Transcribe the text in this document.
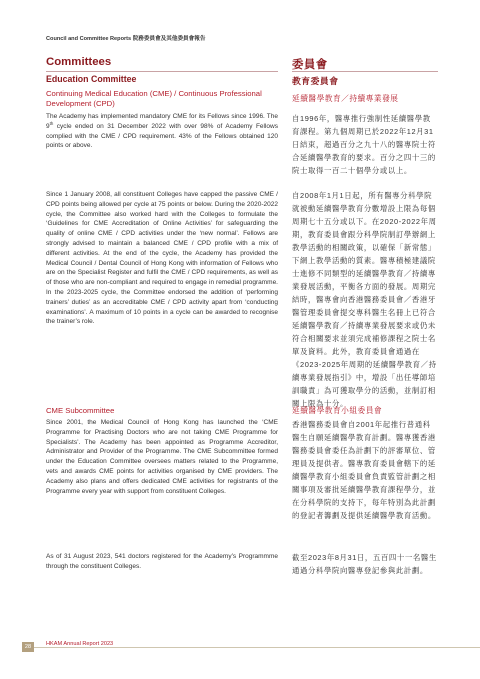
Council and Committee Reports 院務委員會及其他委員會報告
Committees
Education Committee
Continuing Medical Education (CME) / Continuous Professional Development (CPD)
The Academy has implemented mandatory CME for its Fellows since 1996. The 9th cycle ended on 31 December 2022 with over 98% of Academy Fellows complied with the CME / CPD requirement. 43% of the Fellows obtained 120 points or above.
Since 1 January 2008, all constituent Colleges have capped the passive CME / CPD points being allowed per cycle at 75 points or below. During the 2020-2022 cycle, the Committee also worked hard with the Colleges to formulate the ‘Guidelines for CME Accreditation of Online Activities’ for safeguarding the quality of online CME / CPD activities under the ‘new normal’. Fellows are strongly advised to maintain a balanced CME / CPD profile with a mix of different activities. At the end of the cycle, the Academy has provided the Medical Council / Dental Council of Hong Kong with information of Fellows who are on the Specialist Register and fulfil the CME / CPD requirements, as well as of those who are non-compliant and required to engage in remedial programme. In the 2023-2025 cycle, the Committee endorsed the addition of ‘performing trainers’ duties’ as an accreditable CME / CPD activity apart from ‘conducting examinations’. A maximum of 10 points in a cycle can be awarded to recognise the trainer’s role.
CME Subcommittee
Since 2001, the Medical Council of Hong Kong has launched the ‘CME Programme for Practising Doctors who are not taking CME Programme for Specialists’. The Academy has been appointed as Programme Accreditor, Administrator and Provider of the Programme. The CME Subcommittee formed under the Education Committee oversees matters related to the Programme, vets and awards CME points for activities organised by CME providers. The Academy also plans and offers dedicated CME activities for registrants of the Programme every year with support from constituent Colleges.
As of 31 August 2023, 541 doctors registered for the Academy’s Programmme through the constituent Colleges.
委員會
教育委員會
延續醫學教育／持續專業發展
自1996年，醫專推行強制性延續醫學教育課程。第九個周期已於2022年12月31日結束，超過百分之九十八的醫專院士符合延續醫學教育的要求。百分之四十三的院士取得一百二十個學分或以上。
自2008年1月1日起，所有醫專分科學院就被動延續醫學教育分數增設上限為每個周期七十五分或以下。在2020-2022年周期，教育委員會跟分科學院制訂學辦網上教學活動的相關政策，以確保「新常態」下網上教學活動的質素。醫專積極建議院士進修不同類型的延續醫學教育／持續專業發展活動，平衡各方面的發展。周期完結時，醫專會向香港醫務委員會／香港牙醫管理委員會提交專科醫生名冊上已符合延續醫學教育／持續專業發展要求或仍未符合相關要求並須完成補修課程之院士名單及資料。此外，教育委員會通過在《2023-2025年周期的延續醫學教育／持續專業發展指引》中，增設「出任導師培訓職責」為可獲取學分的活動，並制訂相關上限為十分。
延續醫學教育小組委員會
香港醫務委員會自2001年起推行普通科醫生自願延續醫學教育計劃。醫專獲香港醫務委員會委任為計劃下的評審單位、管理員及提供者。醫專教育委員會轄下的延續醫學教育小組委員會負責監管計劃之相關事項及審批延續醫學教育課程學分，並在分科學院的支持下，每年特別為此計劃的登記者籌劃及提供延續醫學教育活動。
截至2023年8月31日，五百四十一名醫生通過分科學院向醫專登記參與此計劃。
28	HKAM Annual Report 2023
